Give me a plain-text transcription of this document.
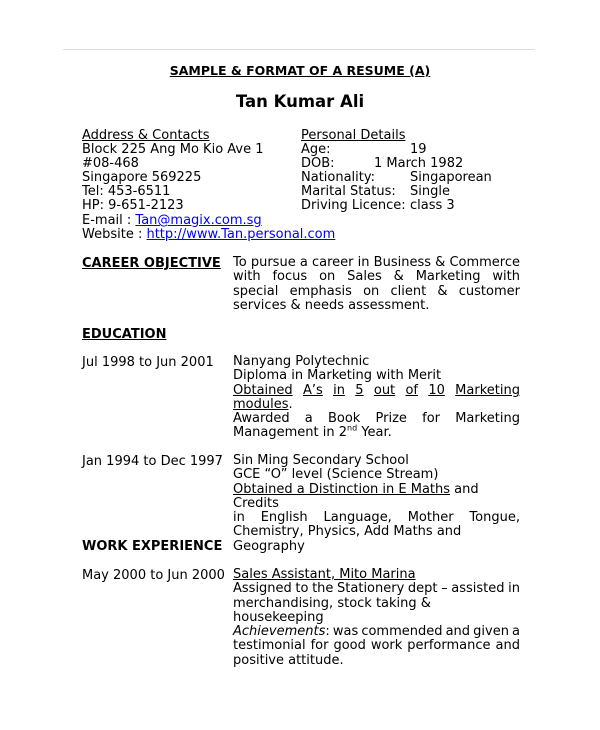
SAMPLE & FORMAT OF A RESUME (A)
Tan Kumar Ali
Address & Contacts
Block 225 Ang Mo Kio Ave 1
#08-468
Singapore 569225
Tel: 453-6511
HP: 9-651-2123
E-mail : Tan@magix.com.sg
Website : http://www.Tan.personal.com
Personal Details
Age:	19
DOB:	1 March 1982
Nationality:	Singaporean
Marital Status: Single
Driving Licence: class 3
CAREER OBJECTIVE To pursue a career in Business & Commerce with focus on Sales & Marketing with special emphasis on client & customer services & needs assessment.
EDUCATION
Jul 1998 to Jun 2001 Nanyang Polytechnic
Diploma in Marketing with Merit
Obtained A’s in 5 out of 10 Marketing
modules.
Awarded a Book Prize for Marketing
Management in 2nd Year.
Jan 1994 to Dec 1997 Sin Ming Secondary School
GCE “O” level (Science Stream)
Obtained a Distinction in E Maths and Credits
in English Language, Mother Tongue,
Chemistry, Physics, Add Maths and Geography
WORK EXPERIENCE
May 2000 to Jun 2000 Sales Assistant, Mito Marina
Assigned to the Stationery dept – assisted in
merchandising, stock taking & housekeeping
Achievements: was commended and given a
testimonial for good work performance and
positive attitude.
